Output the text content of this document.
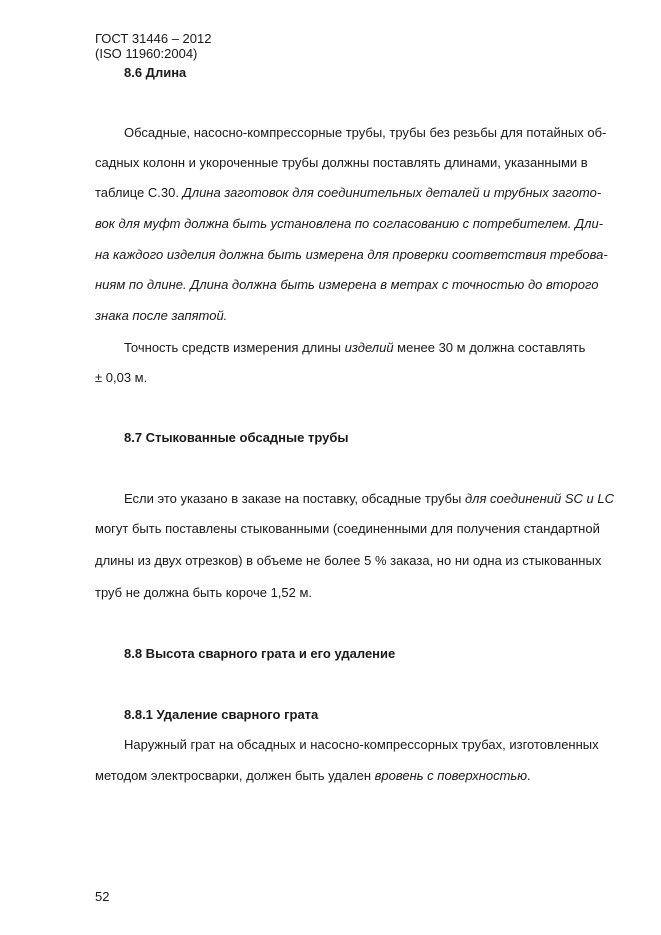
ГОСТ 31446 – 2012
(ISO 11960:2004)
8.6 Длина
Обсадные, насосно-компрессорные трубы, трубы без резьбы для потайных об-
садных колонн и укороченные трубы должны поставлять длинами, указанными в
таблице С.30. Длина заготовок для соединительных деталей и трубных загото-
вок для муфт должна быть установлена по согласованию с потребителем. Дли-
на каждого изделия должна быть измерена для проверки соответствия требова-
ниям по длине. Длина должна быть измерена в метрах с точностью до второго
знака после запятой.
Точность средств измерения длины изделий менее 30 м должна составлять
± 0,03 м.
8.7 Стыкованные обсадные трубы
Если это указано в заказе на поставку, обсадные трубы для соединений SC и LC
могут быть поставлены стыкованными (соединенными для получения стандартной
длины из двух отрезков) в объеме не более 5 % заказа, но ни одна из стыкованных
труб не должна быть короче 1,52 м.
8.8 Высота сварного грата и его удаление
8.8.1 Удаление сварного грата
Наружный грат на обсадных и насосно-компрессорных трубах, изготовленных
методом электросварки, должен быть удален вровень с поверхностью.
52
